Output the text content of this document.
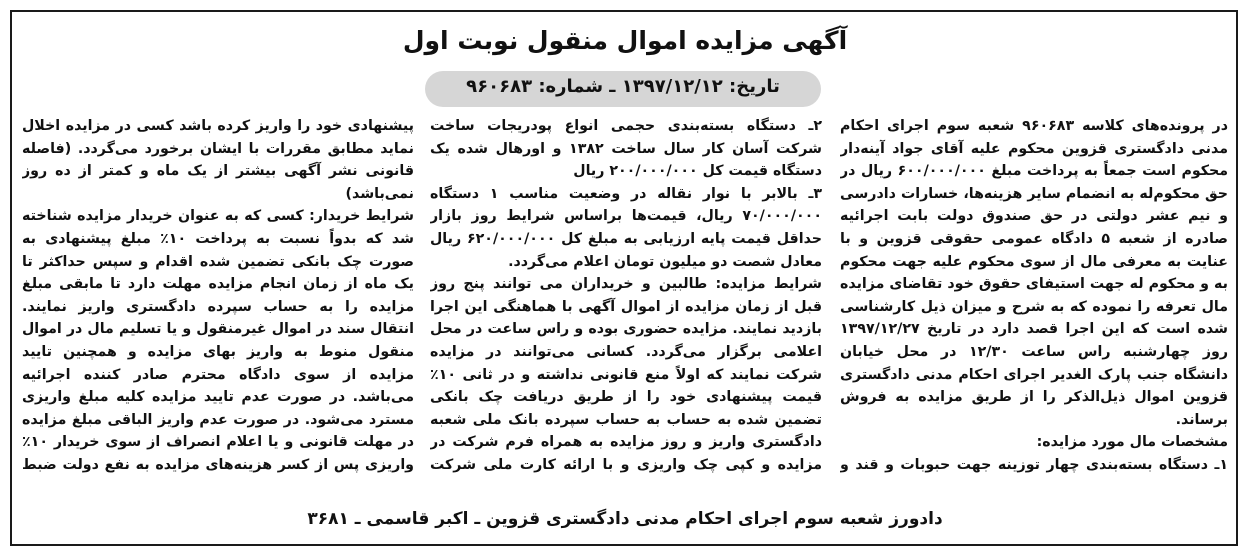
آگهی مزایده اموال منقول نوبت اول
تاریخ: ۱۳۹۷/۱۲/۱۲ ـ شماره: ۹۶۰۶۸۳

در پرونده‌های کلاسه ۹۶۰۶۸۳ شعبه سوم اجرای احکام مدنی دادگستری قزوین محکوم علیه آقای جواد آینه‌دار محکوم است جمعاً به پرداخت مبلغ ۶۰۰/۰۰۰/۰۰۰ ریال در حق محکوم‌له به انضمام سایر هزینه‌ها، خسارات دادرسی و نیم عشر دولتی در حق صندوق دولت بابت اجرائیه صادره از شعبه ۵ دادگاه عمومی حقوقی قزوین و با عنایت به معرفی مال از سوی محکوم علیه جهت محکوم به و محکوم له جهت استیفای حقوق خود تقاضای مزایده مال تعرفه را نموده که به شرح و میزان ذیل کارشناسی شده است که این اجرا قصد دارد در تاریخ ۱۳۹۷/۱۲/۲۷ روز چهارشنبه راس ساعت ۱۲/۳۰ در محل خیابان دانشگاه جنب پارک الغدیر اجرای احکام مدنی دادگستری قزوین اموال ذیل‌الذکر را از طریق مزایده به فروش برساند.

مشخصات مال مورد مزایده:

۱ـ دستگاه بسته‌بندی چهار توزینه جهت حبوبات و قند و

۲ـ دستگاه بسته‌بندی حجمی انواع پودریجات ساخت شرکت آسان کار سال ساخت ۱۳۸۲ و اورهال شده یک دستگاه قیمت کل ۲۰۰/۰۰۰/۰۰۰ ریال

۳ـ بالابر با نوار نقاله در وضعیت مناسب ۱ دستگاه ۷۰/۰۰۰/۰۰۰ ریال، قیمت‌ها براساس شرایط روز بازار حداقل قیمت پایه ارزیابی به مبلغ کل ۶۲۰/۰۰۰/۰۰۰ ریال معادل شصت دو میلیون تومان اعلام می‌گردد.

شرایط مزایده: طالبین و خریداران می توانند پنج روز قبل از زمان مزایده از اموال آگهی با هماهنگی این اجرا بازدید نمایند. مزایده حضوری بوده و راس ساعت در محل اعلامی برگزار می‌گردد. کسانی می‌توانند در مزایده شرکت نمایند که اولاً منع قانونی نداشته و در ثانی ۱۰٪ قیمت پیشنهادی خود را از طریق دریافت چک بانکی تضمین شده به حساب به حساب سپرده بانک ملی شعبه دادگستری واریز و روز مزایده به همراه فرم شرکت در مزایده و کپی چک واریزی و با ارائه کارت ملی شرکت

پیشنهادی خود را واریز کرده باشد کسی در مزایده اخلال نماید مطابق مقررات با ایشان برخورد می‌گردد. (فاصله قانونی نشر آگهی بیشتر از یک ماه و کمتر از ده روز نمی‌باشد)

شرایط خریدار: کسی که به عنوان خریدار مزایده شناخته شد که بدواً نسبت به پرداخت ۱۰٪ مبلغ پیشنهادی به صورت چک بانکی تضمین شده اقدام و سپس حداکثر تا یک ماه از زمان انجام مزایده مهلت دارد تا مابقی مبلغ مزایده را به حساب سپرده دادگستری واریز نمایند. انتقال سند در اموال غیرمنقول و یا تسلیم مال در اموال منقول منوط به واریز بهای مزایده و همچنین تایید مزایده از سوی دادگاه محترم صادر کننده اجرائیه می‌باشد. در صورت عدم تایید مزایده کلیه مبلغ واریزی مسترد می‌شود. در صورت عدم واریز الباقی مبلغ مزایده در مهلت قانونی و یا اعلام انصراف از سوی خریدار ۱۰٪ واریزی پس از کسر هزینه‌های مزایده به نفع دولت ضبط

دادورز شعبه سوم اجرای احکام مدنی دادگستری قزوین ـ اکبر قاسمی ـ ۳۶۸۱
